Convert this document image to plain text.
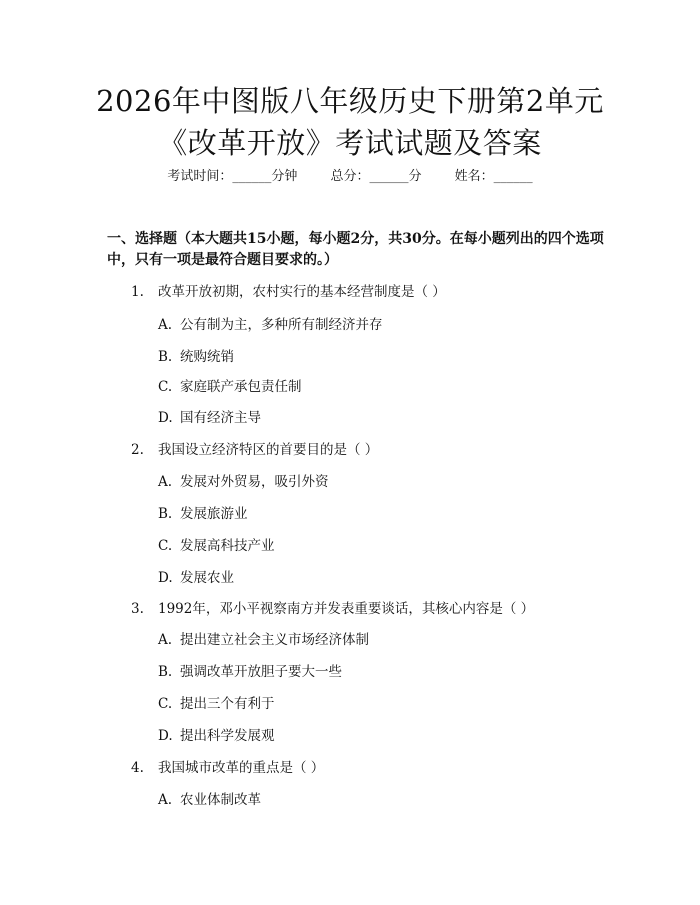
2026年中图版八年级历史下册第2单元《改革开放》考试试题及答案
考试时间：______分钟	总分：______分	姓名：______

一、选择题（本大题共15小题，每小题2分，共30分。在每小题列出的四个选项中，只有一项是最符合题目要求的。）

1. 改革开放初期，农村实行的基本经营制度是（ ）
A. 公有制为主，多种所有制经济并存
B. 统购统销
C. 家庭联产承包责任制
D. 国有经济主导
2. 我国设立经济特区的首要目的是（ ）
A. 发展对外贸易，吸引外资
B. 发展旅游业
C. 发展高科技产业
D. 发展农业
3. 1992年，邓小平视察南方并发表重要谈话，其核心内容是（ ）
A. 提出建立社会主义市场经济体制
B. 强调改革开放胆子要大一些
C. 提出三个有利于
D. 提出科学发展观
4. 我国城市改革的重点是（ ）
A. 农业体制改革
